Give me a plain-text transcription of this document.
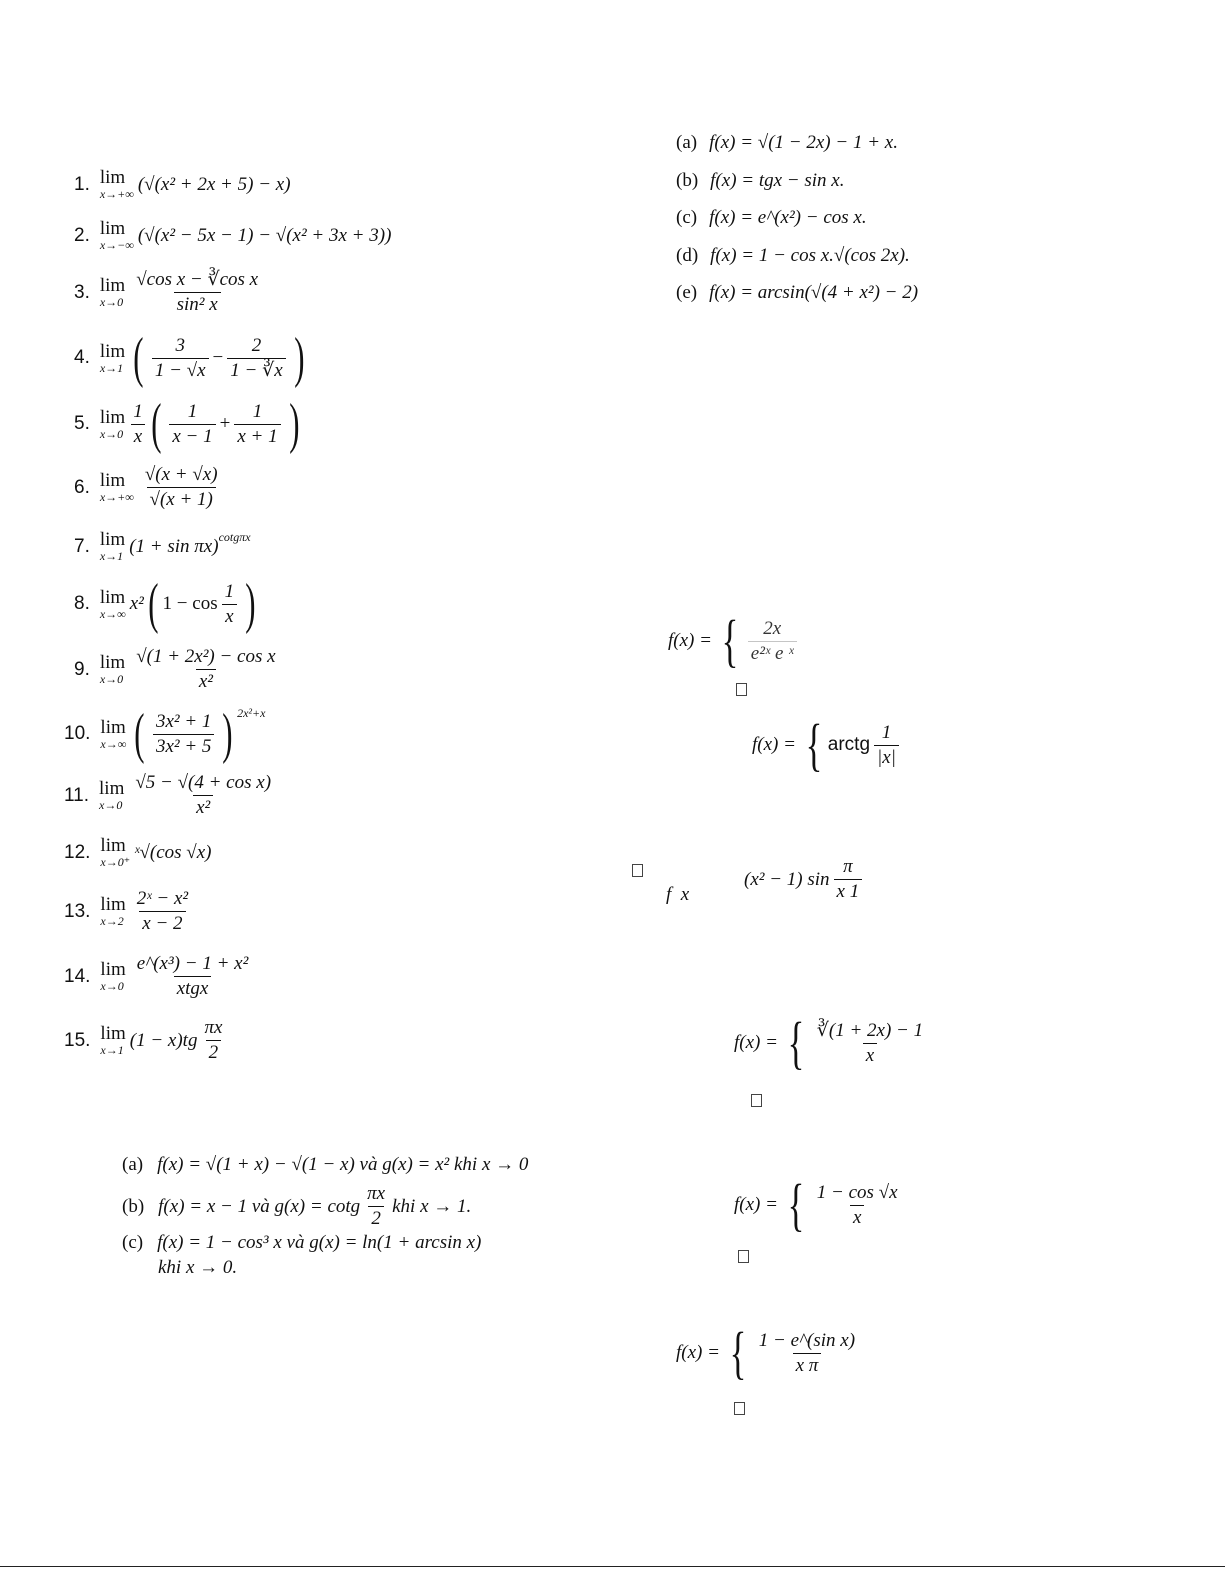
1. lim
x→+∞ (√(x² + 2x + 5) − x)
2. lim
x→−∞ (√(x² − 5x − 1) − √(x² + 3x + 3))
3. lim
$x\to 0 \frac{\text{√cos x − ∛cos x}}{\text{sin² x}}$
4. lim
x→1 ( $\frac{3}{1 - √x} - \frac{2}{1 - ∛x}$ )
5. lim
$x\to 0 \frac{1}{x}$ ( $\frac{1}{x - 1} + \frac{1}{x + 1}$ )
6. lim
$x\to+\infty \frac{√(x + √x)}{√(x + 1)}$
7. lim
x→1 (1 + sin πx) cotgπx
8. lim
x→∞ x² ( $1 - \cos \frac{1}{x}$ )
9. lim
$x\to 0 \frac{\text{√(1 + 2x²) − cos x}}{\text{x²}}$
10. lim
x→∞ ( $\frac{\text{3x² + 1}}{\text{3x² + 5}}$ ) 2x²+x
11. lim
$x\to 0 \frac{\text{√5 − √(4 + cos x)}}{\text{x²}}$
12. lim
x→0⁺ ˣ√(cos √x)
13. lim
$x\to 2 \frac{\text{2ˣ − x²}}{x - 2}$
14. lim
$x\to 0 \frac{\text{e\textasciicircum{}(x³) − 1 + x²}}{\text{xtgx}}$
15. lim
x→1 $(1 - x)tg \frac{\pi x}{2}$
(a) f(x) = √(1 + x) − √(1 − x) và g(x) = x² khi x → 0
(b) f(x) = x − 1 và g(x) = cotg $\frac{\pi x}{2}$ khi x → 1.
(c) f(x) = 1 − cos³ x và g(x) = ln(1 + arcsin x)
khi x → 0.
(a) f(x) = √(1 − 2x) − 1 + x.
(b) f(x) = tgx − sin x.
(c) f(x) = e^(x²) − cos x.
(d) f(x) = 1 − cos x.√(cos 2x).
(e) f(x) = arcsin(√(4 + x²) − 2)
f(x) = { $\frac{2x}{\text{e²ˣ e ˣ}}$
f(x) = { arctg $\frac{1}{|x|}$
f x
(x² − 1) $\sin \frac{\pi}{x 1}$
f(x) = { $\frac{∛(1 + 2x) - 1}{x}$
f(x) = { $\frac{1 - \cos √x}{x}$
f(x) = { $\frac{\text{1 − e\textasciicircum{}(sin x)}}{\text{x π}}$
